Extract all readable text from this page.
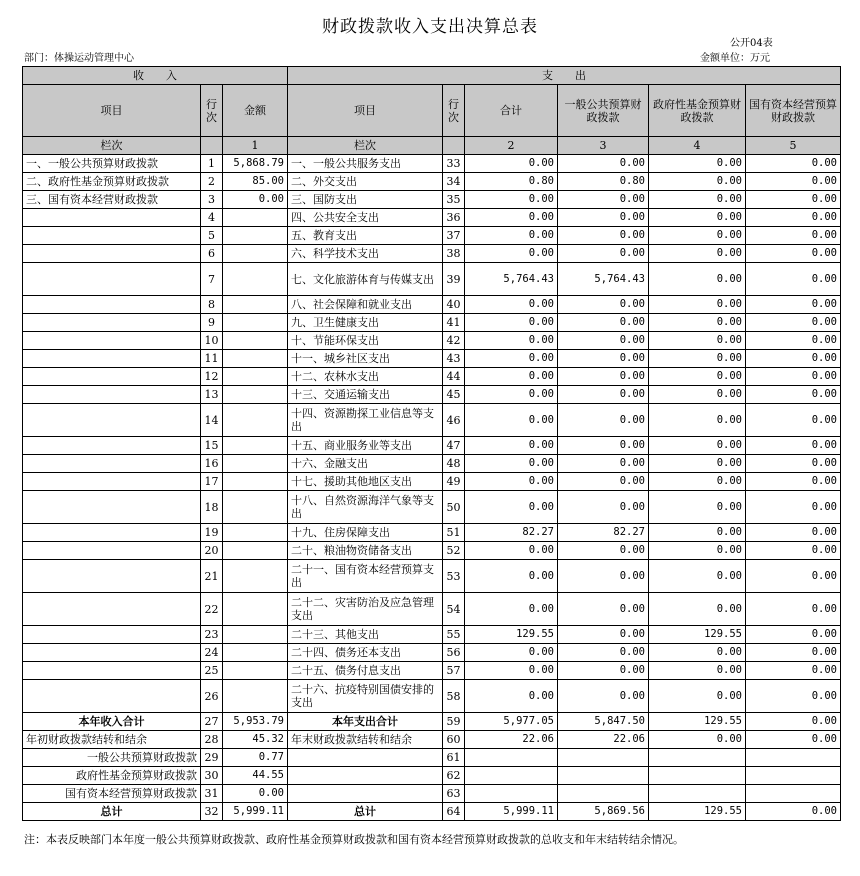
财政拨款收入支出决算总表
公开04表
部门：体操运动管理中心	金额单位：万元
收　　入			支　　出					
项目	行次	金额	项目	行次	合计	一般公共预算财政拨款	政府性基金预算财政拨款	国有资本经营预算财政拨款
栏次		1	栏次		2	3	4	5
一、一般公共预算财政拨款	1	5,868.79	一、一般公共服务支出	33	0.00	0.00	0.00	0.00
二、政府性基金预算财政拨款	2	85.00	二、外交支出	34	0.80	0.80	0.00	0.00
三、国有资本经营财政拨款	3	0.00	三、国防支出	35	0.00	0.00	0.00	0.00
	4		四、公共安全支出	36	0.00	0.00	0.00	0.00
	5		五、教育支出	37	0.00	0.00	0.00	0.00
	6		六、科学技术支出	38	0.00	0.00	0.00	0.00
	7		七、文化旅游体育与传媒支出	39	5,764.43	5,764.43	0.00	0.00
	8		八、社会保障和就业支出	40	0.00	0.00	0.00	0.00
	9		九、卫生健康支出	41	0.00	0.00	0.00	0.00
	10		十、节能环保支出	42	0.00	0.00	0.00	0.00
	11		十一、城乡社区支出	43	0.00	0.00	0.00	0.00
	12		十二、农林水支出	44	0.00	0.00	0.00	0.00
	13		十三、交通运输支出	45	0.00	0.00	0.00	0.00
	14		十四、资源勘探工业信息等支出	46	0.00	0.00	0.00	0.00
	15		十五、商业服务业等支出	47	0.00	0.00	0.00	0.00
	16		十六、金融支出	48	0.00	0.00	0.00	0.00
	17		十七、援助其他地区支出	49	0.00	0.00	0.00	0.00
	18		十八、自然资源海洋气象等支出	50	0.00	0.00	0.00	0.00
	19		十九、住房保障支出	51	82.27	82.27	0.00	0.00
	20		二十、粮油物资储备支出	52	0.00	0.00	0.00	0.00
	21		二十一、国有资本经营预算支出	53	0.00	0.00	0.00	0.00
	22		二十二、灾害防治及应急管理支出	54	0.00	0.00	0.00	0.00
	23		二十三、其他支出	55	129.55	0.00	129.55	0.00
	24		二十四、债务还本支出	56	0.00	0.00	0.00	0.00
	25		二十五、债务付息支出	57	0.00	0.00	0.00	0.00
	26		二十六、抗疫特别国债安排的支出	58	0.00	0.00	0.00	0.00
本年收入合计	27	5,953.79	本年支出合计	59	5,977.05	5,847.50	129.55	0.00
年初财政拨款结转和结余	28	45.32	年末财政拨款结转和结余	60	22.06	22.06	0.00	0.00
一般公共预算财政拨款	29	0.77		61				
政府性基金预算财政拨款	30	44.55		62				
国有资本经营预算财政拨款	31	0.00		63				
总计	32	5,999.11	总计	64	5,999.11	5,869.56	129.55	0.00
注：本表反映部门本年度一般公共预算财政拨款、政府性基金预算财政拨款和国有资本经营预算财政拨款的总收支和年末结转结余情况。
